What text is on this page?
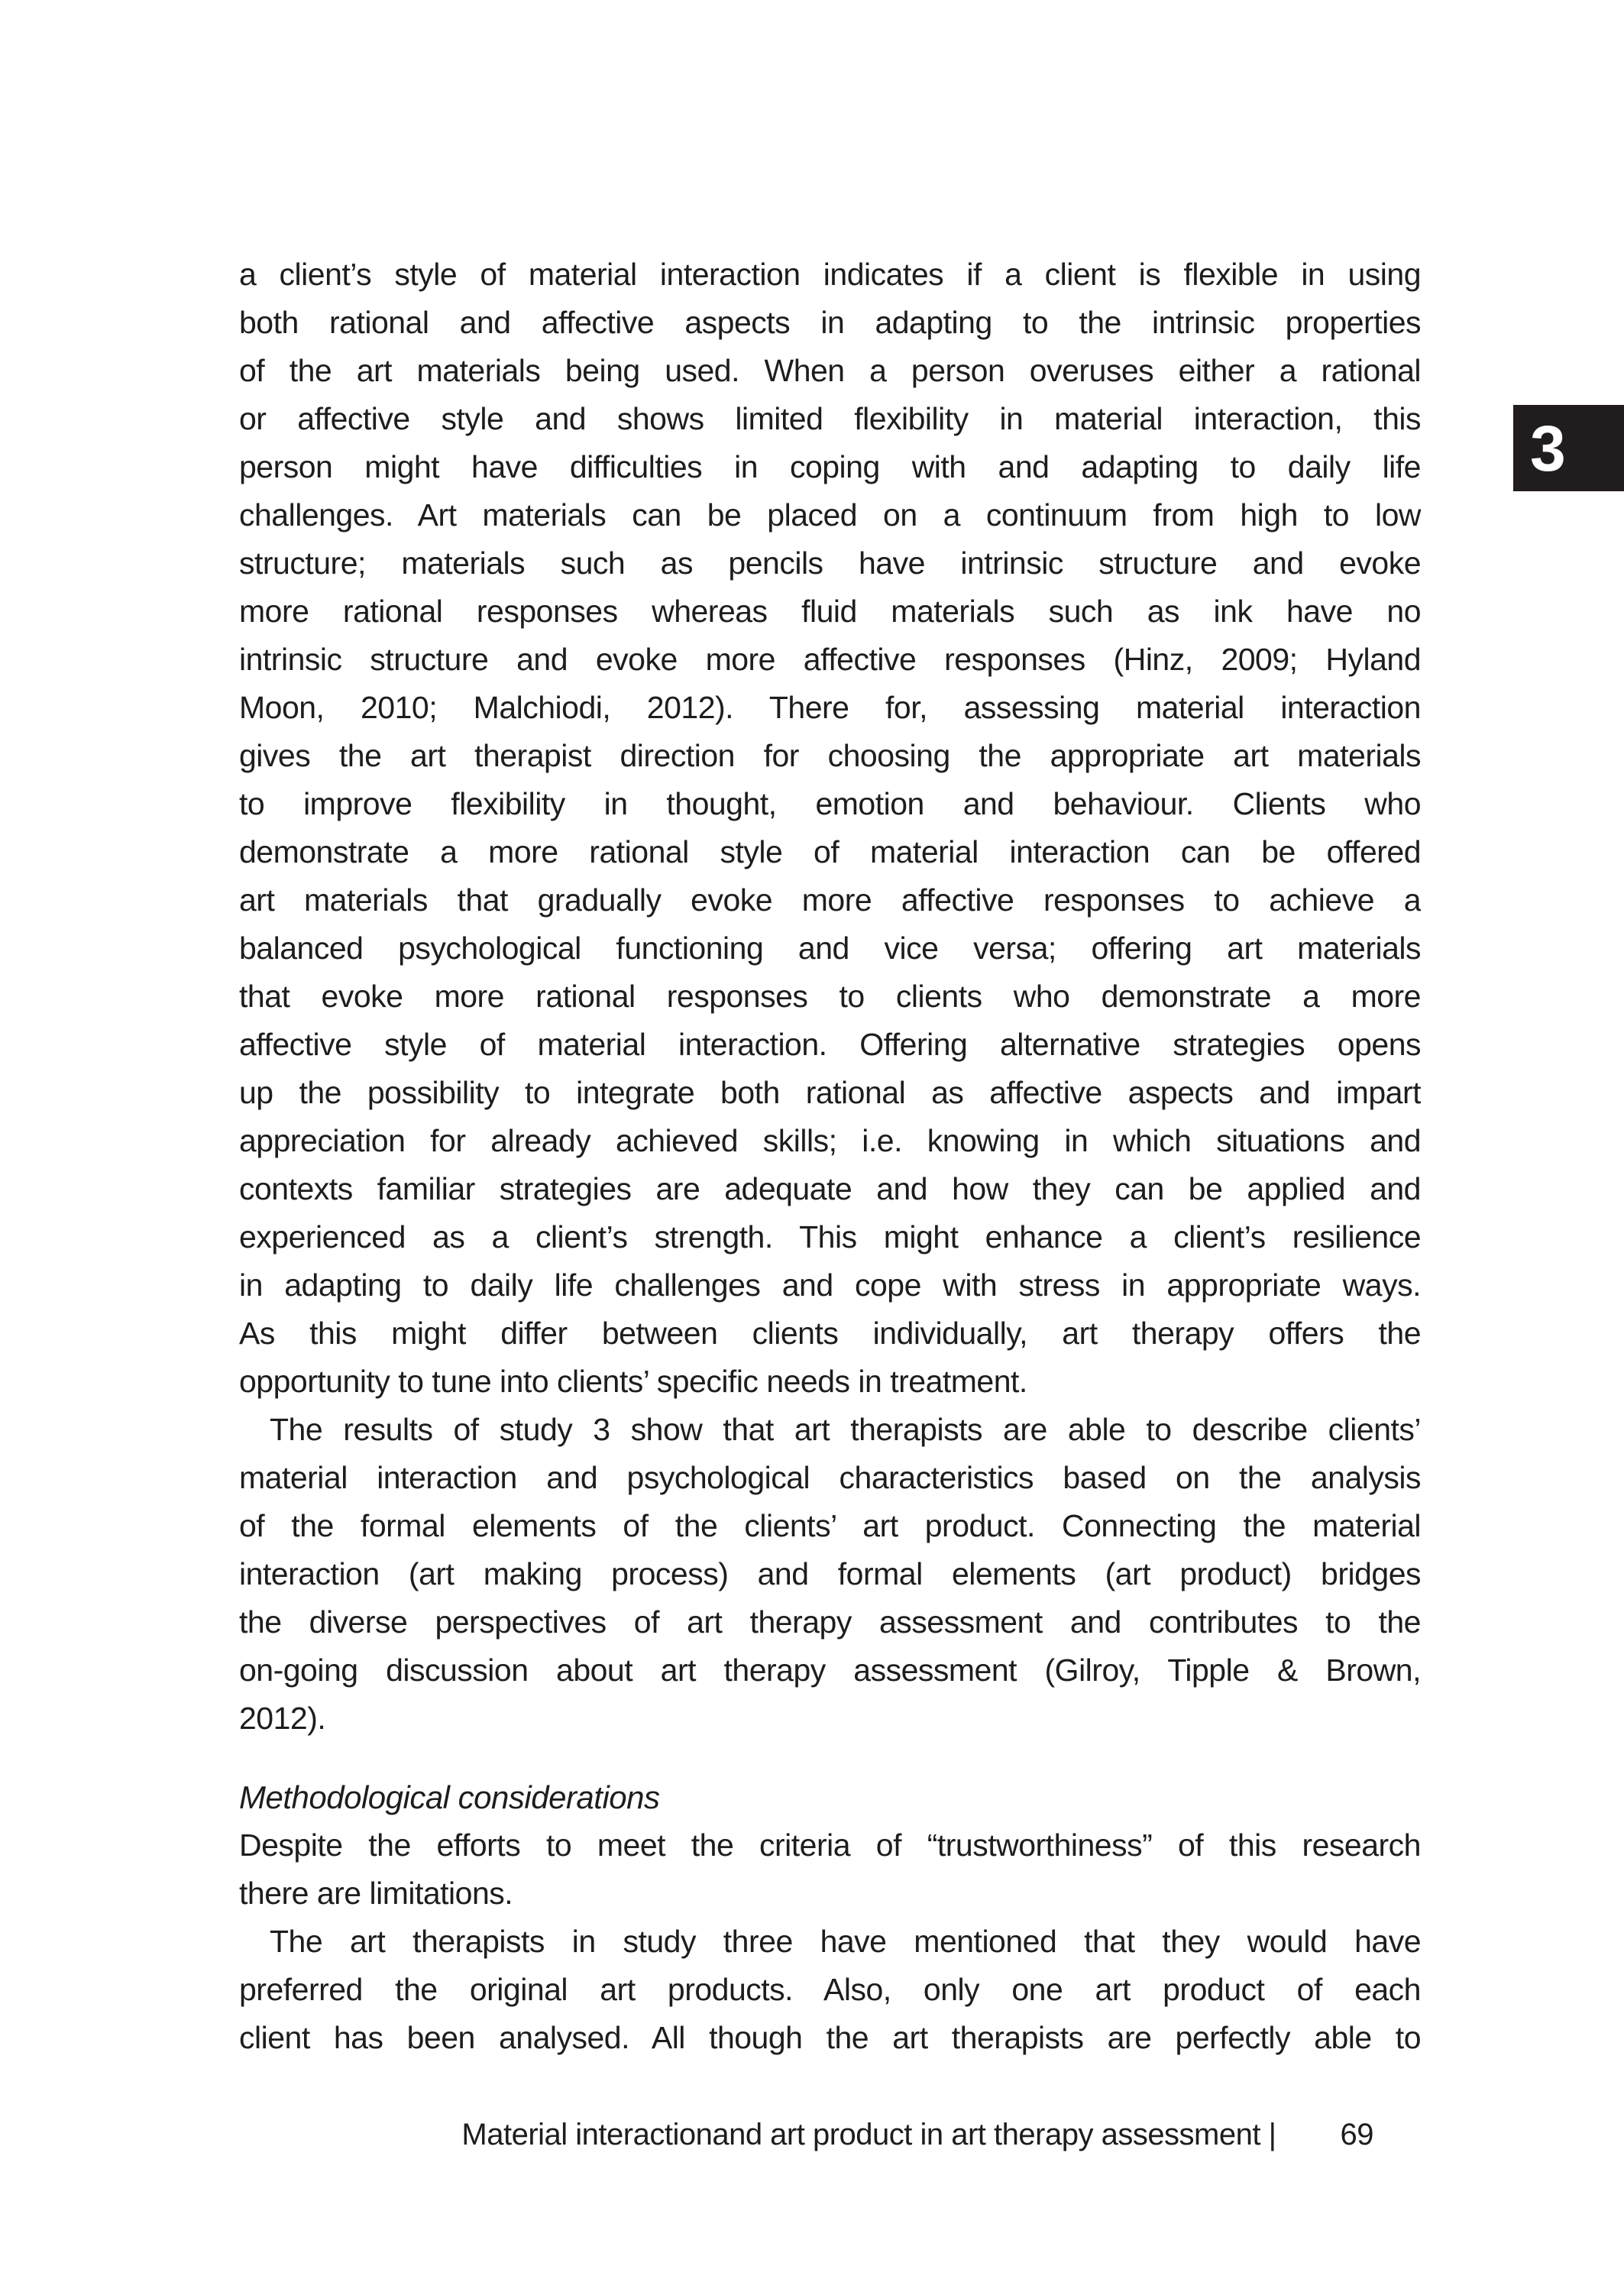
3
a client’s style of material interaction indicates if a client is flexible in using
both rational and affective aspects in adapting to the intrinsic properties
of the art materials being used. When a person overuses either a rational
or affective style and shows limited flexibility in material interaction, this
person might have difficulties in coping with and adapting to daily life
challenges. Art materials can be placed on a continuum from high to low
structure; materials such as pencils have intrinsic structure and evoke
more rational responses whereas fluid materials such as ink have no
intrinsic structure and evoke more affective responses (Hinz, 2009; Hyland
Moon, 2010; Malchiodi, 2012). There for, assessing material interaction
gives the art therapist direction for choosing the appropriate art materials
to improve flexibility in thought, emotion and behaviour. Clients who
demonstrate a more rational style of material interaction can be offered
art materials that gradually evoke more affective responses to achieve a
balanced psychological functioning and vice versa; offering art materials
that evoke more rational responses to clients who demonstrate a more
affective style of material interaction. Offering alternative strategies opens
up the possibility to integrate both rational as affective aspects and impart
appreciation for already achieved skills; i.e. knowing in which situations and
contexts familiar strategies are adequate and how they can be applied and
experienced as a client’s strength. This might enhance a client’s resilience
in adapting to daily life challenges and cope with stress in appropriate ways.
As this might differ between clients individually, art therapy offers the
opportunity to tune into clients’ specific needs in treatment.
The results of study 3 show that art therapists are able to describe clients’
material interaction and psychological characteristics based on the analysis
of the formal elements of the clients’ art product. Connecting the material
interaction (art making process) and formal elements (art product) bridges
the diverse perspectives of art therapy assessment and contributes to the
on-going discussion about art therapy assessment (Gilroy, Tipple & Brown,
2012).
Methodological considerations
Despite the efforts to meet the criteria of “trustworthiness” of this research
there are limitations.
The art therapists in study three have mentioned that they would have
preferred the original art products. Also, only one art product of each
client has been analysed. All though the art therapists are perfectly able to
Material interactionand art product in art therapy assessment | 69
